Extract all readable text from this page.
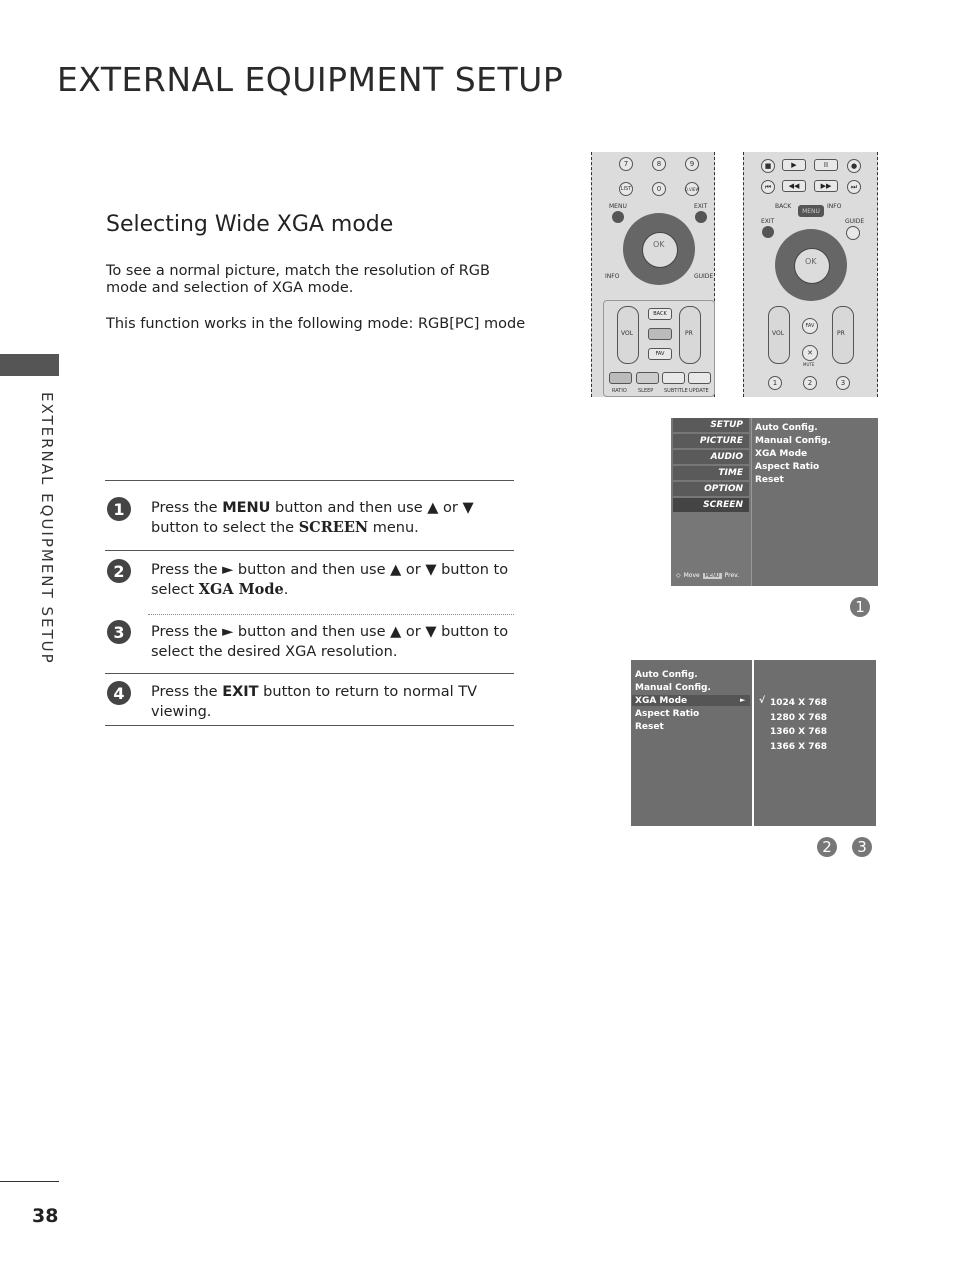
EXTERNAL EQUIPMENT SETUP
EXTERNAL EQUIPMENT SETUP
Selecting Wide XGA mode
To see a normal picture, match the resolution of RGB mode and selection of XGA mode.
This function works in the following mode: RGB[PC] mode
1	Press the MENU button and then use ▲ or ▼ button to select the SCREEN menu.
2	Press the ► button and then use ▲ or ▼ button to select XGA Mode.
3	Press the ► button and then use ▲ or ▼ button to select the desired XGA resolution.
4	Press the EXIT button to return to normal TV viewing.
7	8	9
LIST	0	Q.VIEW
MENU	EXIT
OK
INFO	GUIDE
VOL	PR
BACK
FAV
RATIO SLEEP SUBTITLE UPDATE
■	▶	II	●
⏮	◀◀	▶▶	⏭
BACK	INFO
MENU
EXIT	GUIDE
OK
VOL	PR
FAV
✕
MUTE
1	2	3
SETUP
PICTURE
AUDIO
TIME
OPTION
SCREEN
Auto Config.
Manual Config.
XGA Mode
Aspect Ratio
Reset
◇ Move	MENU Prev.
1
Auto Config.
Manual Config.
XGA Mode
Aspect Ratio
Reset
► √ 1024 X 768
1280 X 768
1360 X 768
1366 X 768
2	3
38
